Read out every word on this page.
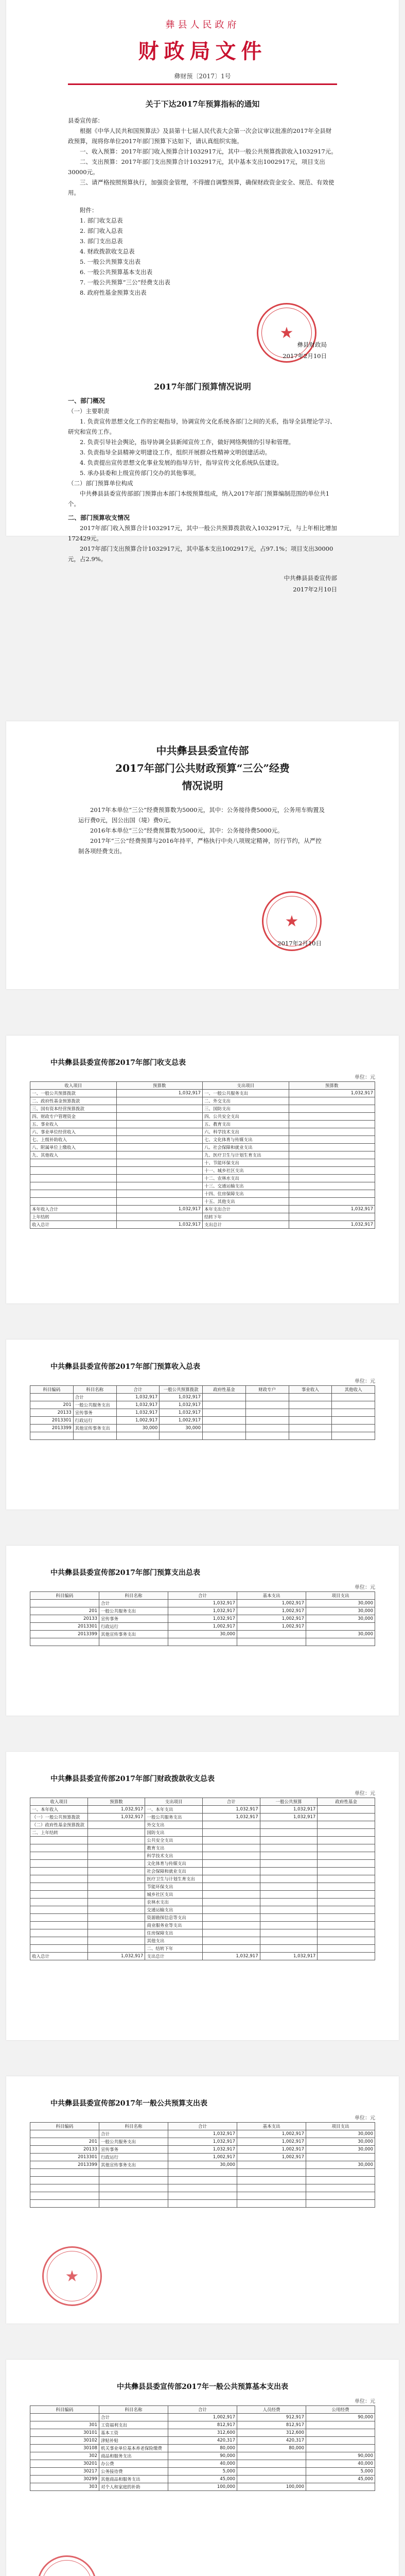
彝县人民政府
财政局文件
彝财预〔2017〕1号
关于下达2017年预算指标的通知

县委宣传部：

根据《中华人民共和国预算法》及县第十七届人民代表大会第一次会议审议批准的2017年全县财政预算，现将你单位2017年部门预算下达如下，请认真组织实施。

一、收入预算：2017年部门收入预算合计1032917元，其中一般公共预算拨款收入1032917元。

二、支出预算：2017年部门支出预算合计1032917元，其中基本支出1002917元，项目支出30000元。

三、请严格按照预算执行，加强资金管理，不得擅自调整预算，确保财政资金安全、规范、有效使用。

附件：
1. 部门收支总表
2. 部门收入总表
3. 部门支出总表
4. 财政拨款收支总表
5. 一般公共预算支出表
6. 一般公共预算基本支出表
7. 一般公共预算“三公”经费支出表
8. 政府性基金预算支出表
★
彝县财政局
2017年2月10日
2017年部门预算情况说明
一、部门概况

（一）主要职责

1. 负责宣传思想文化工作的宏观指导，协调宣传文化系统各部门之间的关系，指导全县理论学习、研究和宣传工作。

2. 负责引导社会舆论，指导协调全县新闻宣传工作，做好网络舆情的引导和管理。

3. 负责指导全县精神文明建设工作，组织开展群众性精神文明创建活动。

4. 负责提出宣传思想文化事业发展的指导方针，指导宣传文化系统队伍建设。

5. 承办县委和上级宣传部门交办的其他事项。

（二）部门预算单位构成

中共彝县县委宣传部部门预算由本部门本级预算组成，纳入2017年部门预算编制范围的单位共1个。

二、部门预算收支情况

2017年部门收入预算合计1032917元，其中一般公共预算拨款收入1032917元，与上年相比增加172429元。

2017年部门支出预算合计1032917元，其中基本支出1002917元，占97.1%；项目支出30000元，占2.9%。

中共彝县县委宣传部
2017年2月10日
中共彝县县委宣传部
2017年部门公共财政预算“三公”经费
情况说明

2017年本单位“三公”经费预算数为5000元，其中：公务接待费5000元，公务用车购置及运行费0元，因公出国（境）费0元。

2016年本单位“三公”经费预算数为5000元，其中：公务接待费5000元。

2017年“三公”经费预算与2016年持平，严格执行中央八项规定精神，厉行节约，从严控制各项经费支出。

★
2017年2月10日
中共彝县县委宣传部2017年部门收支总表
单位：元
收入项目	预算数	支出项目	预算数
一、一般公共预算拨款	1,032,917	一、一般公共服务支出	1,032,917
二、政府性基金预算拨款		二、外交支出	
三、国有资本经营预算拨款		三、国防支出	
四、财政专户管理资金		四、公共安全支出	
五、事业收入		五、教育支出	
六、事业单位经营收入		六、科学技术支出	
七、上级补助收入		七、文化体育与传媒支出	
八、附属单位上缴收入		八、社会保障和就业支出	
九、其他收入		九、医疗卫生与计划生育支出	
		十、节能环保支出	
		十一、城乡社区支出	
		十二、农林水支出	
		十三、交通运输支出	
		十四、住房保障支出	
		十五、其他支出	
本年收入合计	1,032,917	本年支出合计	1,032,917
上年结转		结转下年	
收入总计	1,032,917	支出总计	1,032,917
中共彝县县委宣传部2017年部门预算收入总表
单位：元
科目编码	科目名称	合计	一般公共预算拨款	政府性基金	财政专户	事业收入	其他收入
	合计	1,032,917	1,032,917				
201	一般公共服务支出	1,032,917	1,032,917				
20133	宣传事务	1,032,917	1,032,917				
2013301	行政运行	1,002,917	1,002,917				
2013399	其他宣传事务支出	30,000	30,000				

中共彝县县委宣传部2017年部门预算支出总表
单位：元
科目编码	科目名称	合计	基本支出	项目支出
	合计	1,032,917	1,002,917	30,000
201	一般公共服务支出	1,032,917	1,002,917	30,000
20133	宣传事务	1,032,917	1,002,917	30,000
2013301	行政运行	1,002,917	1,002,917	
2013399	其他宣传事务支出	30,000		30,000

中共彝县县委宣传部2017年部门财政拨款收支总表
单位：元
收入项目	预算数	支出项目	合计	一般公共预算	政府性基金
一、本年收入	1,032,917	一、本年支出	1,032,917	1,032,917	
（一）一般公共预算拨款	1,032,917	一般公共服务支出	1,032,917	1,032,917	
（二）政府性基金预算拨款		外交支出			
二、上年结转		国防支出			
		公共安全支出			
		教育支出			
		科学技术支出			
		文化体育与传媒支出			
		社会保障和就业支出			
		医疗卫生与计划生育支出			
		节能环保支出			
		城乡社区支出			
		农林水支出			
		交通运输支出			
		资源勘探信息等支出			
		商业服务业等支出			
		住房保障支出			
		其他支出			
		二、结转下年			
收入总计	1,032,917	支出总计	1,032,917	1,032,917	
中共彝县县委宣传部2017年一般公共预算支出表
单位：元
科目编码	科目名称	合计	基本支出	项目支出
	合计	1,032,917	1,002,917	30,000
201	一般公共服务支出	1,032,917	1,002,917	30,000
20133	宣传事务	1,032,917	1,002,917	30,000
2013301	行政运行	1,002,917	1,002,917	
2013399	其他宣传事务支出	30,000		30,000

★
中共彝县县委宣传部2017年一般公共预算基本支出表
单位：元
科目编码	科目名称	合计	人员经费	公用经费
	合计	1,002,917	912,917	90,000
301	工资福利支出	812,917	812,917	
30101	基本工资	312,600	312,600	
30102	津贴补贴	420,317	420,317	
30108	机关事业单位基本养老保险缴费	80,000	80,000	
302	商品和服务支出	90,000		90,000
30201	办公费	40,000		40,000
30217	公务接待费	5,000		5,000
30299	其他商品和服务支出	45,000		45,000
303	对个人和家庭的补助	100,000	100,000	
